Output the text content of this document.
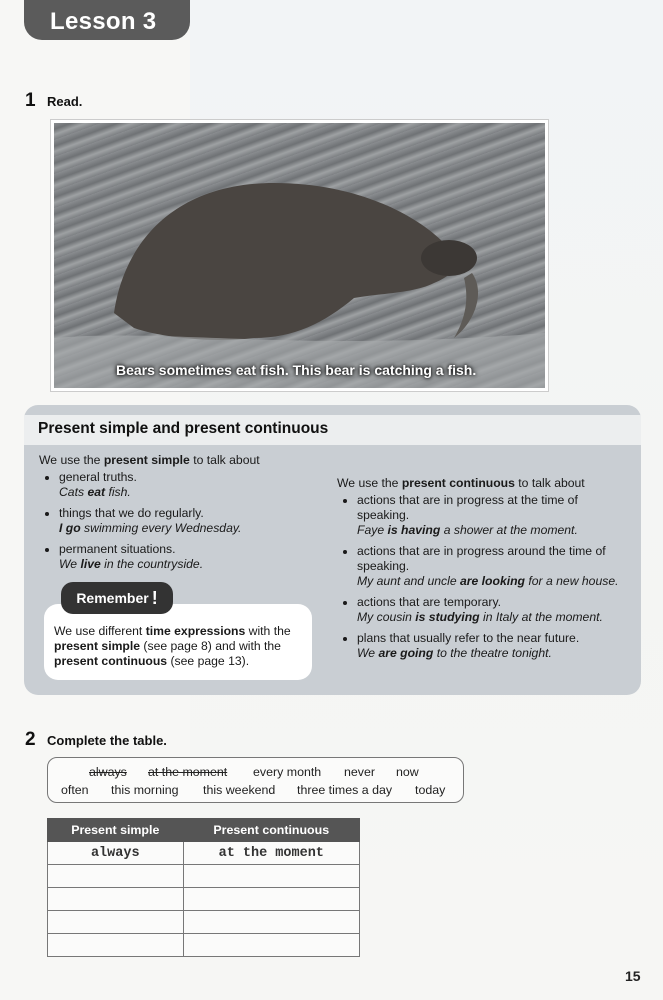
Lesson 3
1 Read.
Bears sometimes eat fish. This bear is catching a fish.
Present simple and present continuous
We use the present simple to talk about
• general truths.
Cats eat fish.
• things that we do regularly.
I go swimming every Wednesday.
• permanent situations.
We live in the countryside.
We use the present continuous to talk about
• actions that are in progress at the time of speaking.
Faye is having a shower at the moment.
• actions that are in progress around the time of speaking.
My aunt and uncle are looking for a new house.
• actions that are temporary.
My cousin is studying in Italy at the moment.
• plans that usually refer to the near future.
We are going to the theatre tonight.
Remember !

We use different time expressions with the present simple (see page 8) and with the present continuous (see page 13).

2 Complete the table.
always at the moment every month never now
often this morning this weekend three times a day today
Present simple	Present continuous
always	at the moment

15
